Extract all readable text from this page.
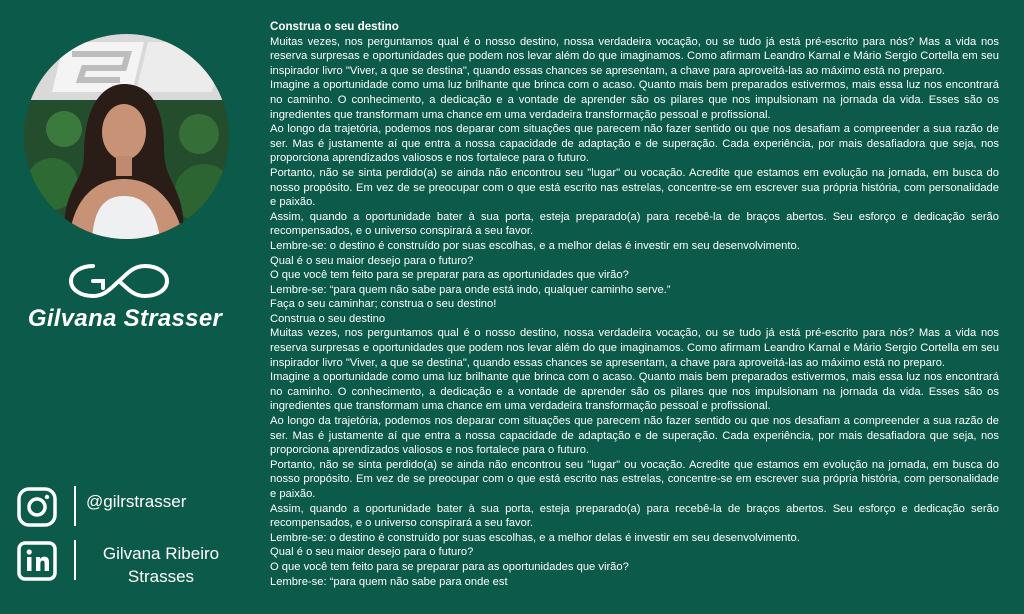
Gilvana Strasser
@gilrstrasser
Gilvana Ribeiro
Strasses

Construa o seu destino

Muitas vezes, nos perguntamos qual é o nosso destino, nossa verdadeira vocação, ou se tudo já está pré-escrito para nós? Mas a vida nos reserva surpresas e oportunidades que podem nos levar além do que imaginamos. Como afirmam Leandro Karnal e Mário Sergio Cortella em seu inspirador livro "Viver, a que se destina", quando essas chances se apresentam, a chave para aproveitá-las ao máximo está no preparo.

Imagine a oportunidade como uma luz brilhante que brinca com o acaso. Quanto mais bem preparados estivermos, mais essa luz nos encontrará no caminho. O conhecimento, a dedicação e a vontade de aprender são os pilares que nos impulsionam na jornada da vida. Esses são os ingredientes que transformam uma chance em uma verdadeira transformação pessoal e profissional.

Ao longo da trajetória, podemos nos deparar com situações que parecem não fazer sentido ou que nos desafiam a compreender a sua razão de ser. Mas é justamente aí que entra a nossa capacidade de adaptação e de superação. Cada experiência, por mais desafiadora que seja, nos proporciona aprendizados valiosos e nos fortalece para o futuro.

Portanto, não se sinta perdido(a) se ainda não encontrou seu "lugar" ou vocação. Acredite que estamos em evolução na jornada, em busca do nosso propósito. Em vez de se preocupar com o que está escrito nas estrelas, concentre-se em escrever sua própria história, com personalidade e paixão.

Assim, quando a oportunidade bater à sua porta, esteja preparado(a) para recebê-la de braços abertos. Seu esforço e dedicação serão recompensados, e o universo conspirará a seu favor.

Lembre-se: o destino é construído por suas escolhas, e a melhor delas é investir em seu desenvolvimento.

Qual é o seu maior desejo para o futuro?

O que você tem feito para se preparar para as oportunidades que virão?

Lembre-se: “para quem não sabe para onde está indo, qualquer caminho serve.”

Faça o seu caminhar; construa o seu destino!

Construa o seu destino

Muitas vezes, nos perguntamos qual é o nosso destino, nossa verdadeira vocação, ou se tudo já está pré-escrito para nós? Mas a vida nos reserva surpresas e oportunidades que podem nos levar além do que imaginamos. Como afirmam Leandro Karnal e Mário Sergio Cortella em seu inspirador livro "Viver, a que se destina", quando essas chances se apresentam, a chave para aproveitá-las ao máximo está no preparo.

Imagine a oportunidade como uma luz brilhante que brinca com o acaso. Quanto mais bem preparados estivermos, mais essa luz nos encontrará no caminho. O conhecimento, a dedicação e a vontade de aprender são os pilares que nos impulsionam na jornada da vida. Esses são os ingredientes que transformam uma chance em uma verdadeira transformação pessoal e profissional.

Ao longo da trajetória, podemos nos deparar com situações que parecem não fazer sentido ou que nos desafiam a compreender a sua razão de ser. Mas é justamente aí que entra a nossa capacidade de adaptação e de superação. Cada experiência, por mais desafiadora que seja, nos proporciona aprendizados valiosos e nos fortalece para o futuro.

Portanto, não se sinta perdido(a) se ainda não encontrou seu "lugar" ou vocação. Acredite que estamos em evolução na jornada, em busca do nosso propósito. Em vez de se preocupar com o que está escrito nas estrelas, concentre-se em escrever sua própria história, com personalidade e paixão.

Assim, quando a oportunidade bater à sua porta, esteja preparado(a) para recebê-la de braços abertos. Seu esforço e dedicação serão recompensados, e o universo conspirará a seu favor.

Lembre-se: o destino é construído por suas escolhas, e a melhor delas é investir em seu desenvolvimento.

Qual é o seu maior desejo para o futuro?

O que você tem feito para se preparar para as oportunidades que virão?

Lembre-se: “para quem não sabe para onde est
